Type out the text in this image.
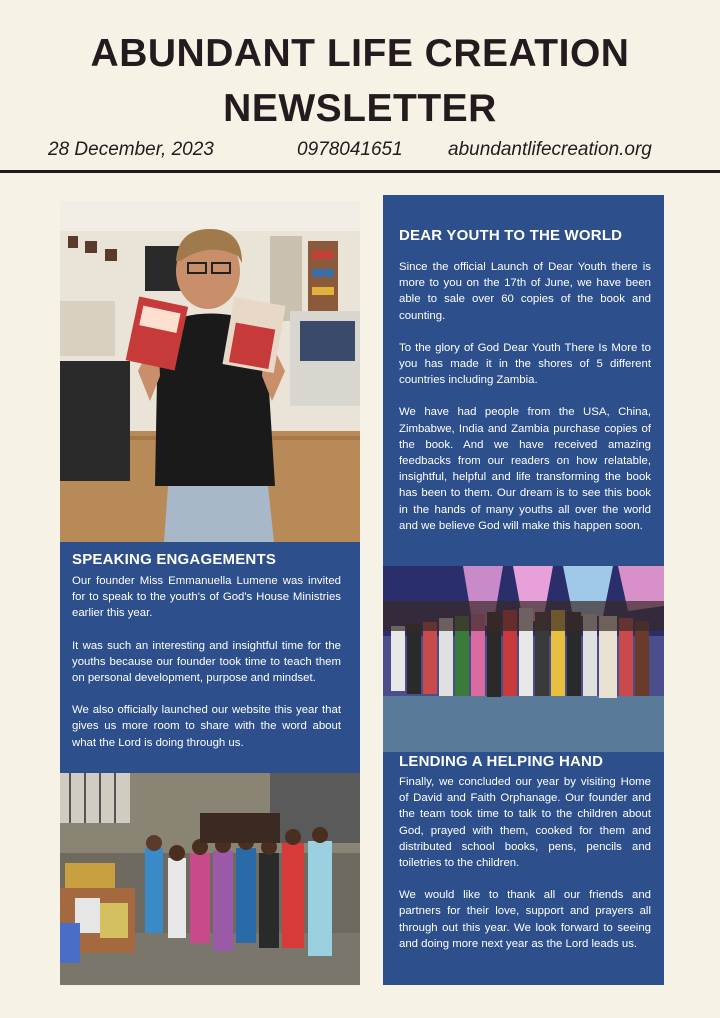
ABUNDANT LIFE CREATION
NEWSLETTER
28 December, 2023	0978041651 abundantlifecreation.org
SPEAKING ENGAGEMENTS

Our founder Miss Emmanuella Lumene was invited for to speak to the youth's of God's House Ministries earlier this year.

It was such an interesting and insightful time for the youths because our founder took time to teach them on personal development, purpose and mindset.

We also officially launched our website this year that gives us more room to share with the word about what the Lord is doing through us.

DEAR YOUTH TO THE WORLD

Since the official Launch of Dear Youth there is more to you on the 17th of June, we have been able to sale over 60 copies of the book and counting.

To the glory of God Dear Youth There Is More to you has made it in the shores of 5 different countries including Zambia.

We have had people from the USA, China, Zimbabwe, India and Zambia purchase copies of the book. And we have received amazing feedbacks from our readers on how relatable, insightful, helpful and life transforming the book has been to them. Our dream is to see this book in the hands of many youths all over the world and we believe God will make this happen soon.

LENDING A HELPING HAND

Finally, we concluded our year by visiting Home of David and Faith Orphanage. Our founder and the team took time to talk to the children about God, prayed with them, cooked for them and distributed school books, pens, pencils and toiletries to the children.

We would like to thank all our friends and partners for their love, support and prayers all through out this year. We look forward to seeing and doing more next year as the Lord leads us.
